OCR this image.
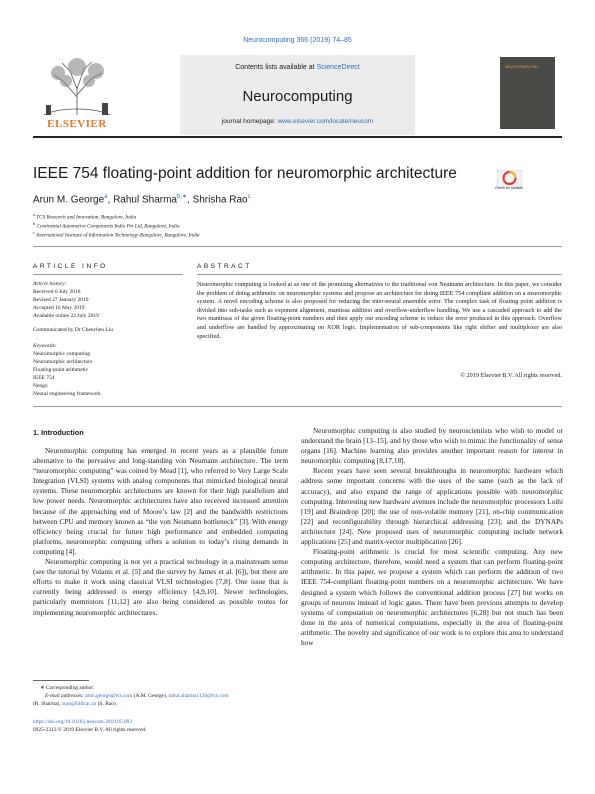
Neurocomputing 366 (2019) 74–85
ELSEVIER
Contents lists available at ScienceDirect
Neurocomputing
journal homepage: www.elsevier.com/locate/neucom
NEUROCOMPUTING
IEEE 754 floating-point addition for neuromorphic architecture
Check for updates
Arun M. George$^a$, Rahul Sharma$^{b,∗}$, Shrisha Rao$^c$
$^a$ TCS Research and Innovation, Bangalore, India
$^b$ Continental Automotive Components India Pvt Ltd, Bangalore, India
$^c$ International Institute of Information Technology-Bangalore, Bangalore, India
ARTICLE INFO
Article history:
Received 6 July 2018
Revised 27 January 2019
Accepted 16 May 2019
Available online 22 July 2019
Communicated by Dr Chenchen Liu
Keywords:
Neuromorphic computing
Neuromorphic architecture
Floating-point arithmetic
IEEE 754
Nengo
Neural engineering framework
ABSTRACT
Neuromorphic computing is looked at as one of the promising alternatives to the traditional von Neumann architecture. In this paper, we consider the problem of doing arithmetic on neuromorphic systems and propose an architecture for doing IEEE 754 compliant addition on a neuromorphic system. A novel encoding scheme is also proposed for reducing the inter-neural ensemble error. The complex task of floating point addition is divided into sub-tasks such as exponent alignment, mantissa addition and overflow-underflow handling. We use a cascaded approach to add the two mantissas of the given floating-point numbers and then apply our encoding scheme to reduce the error produced in this approach. Overflow and underflow are handled by approximating on XOR logic. Implementation of sub-components like right shifter and multiplexer are also specified.
© 2019 Elsevier B.V. All rights reserved.
1. Introduction

Neuromorphic computing has emerged in recent years as a plausible future alternative to the pervasive and long-standing von Neumann architecture. The term “neuromorphic computing” was coined by Mead [1], who referred to Very Large Scale Integration (VLSI) systems with analog components that mimicked biological neural systems. These neuromorphic architectures are known for their high parallelism and low power needs. Neuromorphic architectures have also received increased attention because of the approaching end of Moore’s law [2] and the bandwidth restrictions between CPU and memory known as “the von Neumann bottleneck” [3]. With energy efficiency being crucial for future high performance and embedded computing platforms, neuromorphic computing offers a solution to today’s rising demands in computing [4].

Neuromorphic computing is not yet a practical technology in a mainstream sense (see the tutorial by Volanis et al. [5] and the survey by James et al. [6]), but there are efforts to make it work using classical VLSI technologies [7,8]. One issue that is currently being addressed is energy efficiency [4,9,10]. Newer technologies, particularly memristors [11,12] are also being considered as possible routes for implementing neuromorphic architectures.

Neuromorphic computing is also studied by neuroscientists who wish to model or understand the brain [13–15], and by those who wish to mimic the functionality of sense organs [16]. Machine learning also provides another important reason for interest in neuromorphic computing [8,17,18].

Recent years have seen several breakthroughs in neuromorphic hardware which address some important concerns with the uses of the same (such as the lack of accuracy), and also expand the range of applications possible with neuromorphic computing. Interesting new hardware avenues include the neuromorphic processors Loihi [19] and Braindrop [20]; the use of non-volatile memory [21], on-chip communication [22] and reconfigurability through hierarchical addressing [23]; and the DYNAPs architecture [24]. New proposed uses of neuromorphic computing include network applications [25] and matrix-vector multiplication [26].

Floating-point arithmetic is crucial for most scientific computing. Any new computing architecture, therefore, would need a system that can perform floating-point arithmetic. In this paper, we propose a system which can perform the addition of two IEEE 754-compliant floating-point numbers on a neuromorphic architecture. We have designed a system which follows the conventional addition process [27] but works on groups of neurons instead of logic gates. There have been previous attempts to develop systems of computation on neuromorphic architectures [6,28] but not much has been done in the area of numerical computations, especially in the area of floating-point arithmetic. The novelty and significance of our work is to explore this area to understand how

∗ Corresponding author.
E-mail addresses: arun.george@tcs.com (A.M. George), rahul.sharma1120@tcs.com
(R. Sharma), srao@iiitb.ac.in (S. Rao).
https://doi.org/10.1016/j.neucom.2019.05.093
0925-2312/© 2019 Elsevier B.V. All rights reserved.
